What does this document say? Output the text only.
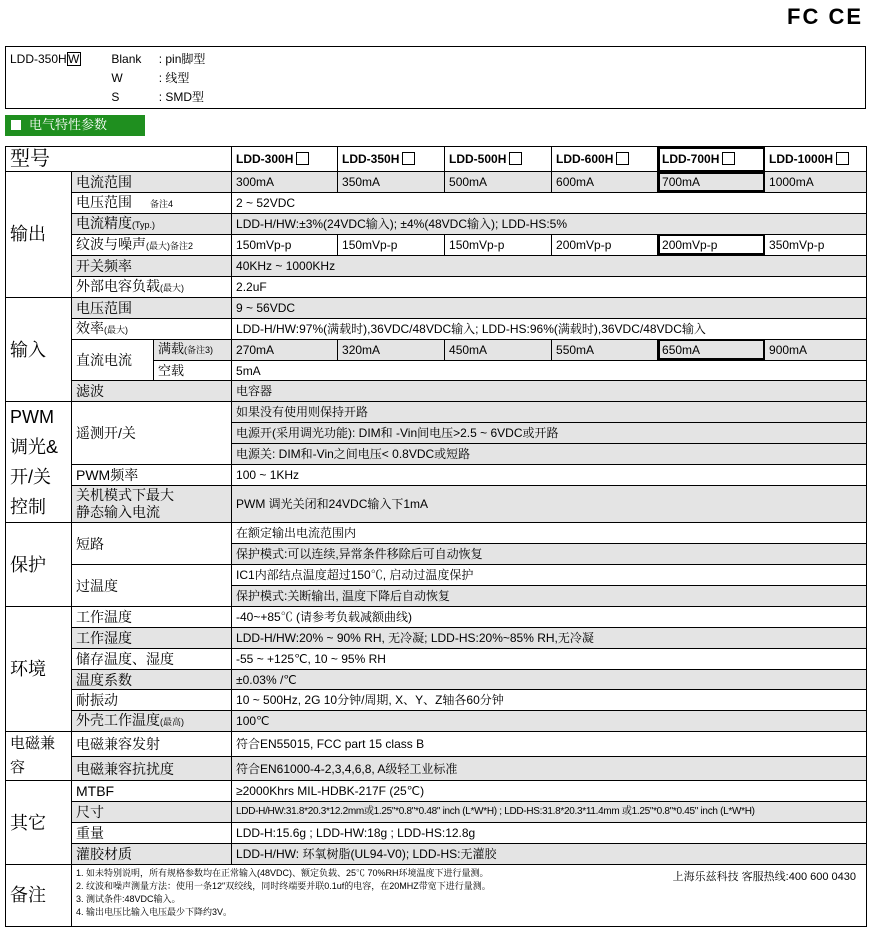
FC CE
LDD-350HW	Blank : pin脚型
W	: 线型
S	: SMD型
电气特性参数
型号			LDD-300H	LDD-350H	LDD-500H	LDD-600H	LDD-700H	LDD-1000H
输出	电流范围		300mA	350mA	500mA	600mA	700mA	1000mA
	电压范围 备注4		2 ~ 52VDC					
	电流精度(Typ.)		LDD-H/HW:±3%(24VDC输入); ±4%(48VDC输入); LDD-HS:5%					
	纹波与噪声(最大)备注2		150mVp-p	150mVp-p	150mVp-p	200mVp-p	200mVp-p	350mVp-p
	开关频率		40KHz ~ 1000KHz					
	外部电容负载(最大)		2.2uF					
输入	电压范围		9 ~ 56VDC					
	效率(最大)		LDD-H/HW:97%(满载时),36VDC/48VDC输入; LDD-HS:96%(满载时),36VDC/48VDC输入					
	直流电流	满载(备注3)	270mA	320mA	450mA	550mA	650mA	900mA
		空载	5mA					
	滤波		电容器					
PWM
调光&
开/关
控制	遥测开/关		如果没有使用则保持开路					
			电源开(采用调光功能): DIM和 -Vin间电压>2.5 ~ 6VDC或开路					
			电源关: DIM和-Vin之间电压< 0.8VDC或短路					
	PWM频率		100 ~ 1KHz					
	关机模式下最大
静态输入电流		PWM 调光关闭和24VDC输入下1mA					

保护	短路		在额定输出电流范围内					
			保护模式:可以连续,异常条件移除后可自动恢复					
	过温度		IC1内部结点温度超过150℃, 启动过温度保护					
			保护模式:关断输出, 温度下降后自动恢复					
环境	工作温度		-40~+85℃ (请参考负载减额曲线)					
	工作湿度		LDD-H/HW:20% ~ 90% RH, 无冷凝; LDD-HS:20%~85% RH,无冷凝					
	储存温度、湿度		-55 ~ +125℃, 10 ~ 95% RH					
	温度系数		±0.03% /℃					
	耐振动		10 ~ 500Hz, 2G 10分钟/周期, X、Y、Z轴各60分钟					
	外壳工作温度(最高)		100℃					
电磁兼容	电磁兼容发射		符合EN55015, FCC part 15 class B					
	电磁兼容抗扰度		符合EN61000-4-2,3,4,6,8, A级轻工业标准					
其它	MTBF		≥2000Khrs MIL-HDBK-217F (25℃)					
	尺寸		LDD-H/HW:31.8*20.3*12.2mm或1.25"*0.8"*0.48" inch (L*W*H) ; LDD-HS:31.8*20.3*11.4mm 或1.25"*0.8"*0.45" inch (L*W*H)					
	重量		LDD-H:15.6g ; LDD-HW:18g ; LDD-HS:12.8g					
	灌胶材质		LDD-H/HW: 环氧树脂(UL94-V0); LDD-HS:无灌胶					
备注	1. 如未特别说明，所有规格参数均在正常输入(48VDC)、额定负载、25℃ 70%RH环境温度下进行量测。
2. 纹波和噪声测量方法：使用一条12"双绞线，同时终端要并联0.1uf的电容，在20MHZ带宽下进行量测。
3. 测试条件:48VDC输入。
4. 输出电压比输入电压最少下降约3V。
上海乐兹科技 客服热线:400 600 0430							
